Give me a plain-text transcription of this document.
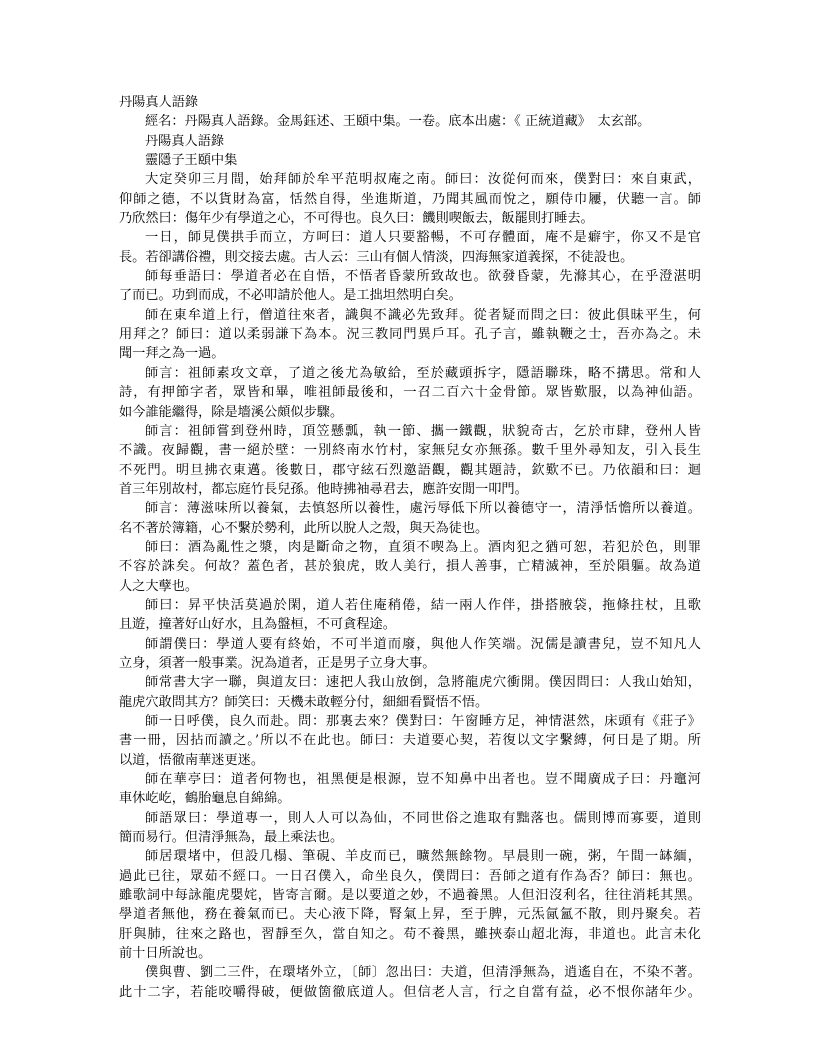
丹陽真人語錄
經名：丹陽真人語錄。金馬鈺述、王頤中集。一卷。底本出處：《 正統道藏》　太玄部。
丹陽真人語錄
靈隱子王頤中集
大定癸卯三月間，始拜師於牟平范明叔庵之南。師曰：汝從何而來，僕對曰：來自東武，
仰師之德，不以貨財為富，恬然自得，坐進斯道，乃聞其風而悅之，願侍巾屨，伏聽一言。師
乃欣然曰：傷年少有學道之心，不可得也。良久曰：饑則喫飯去，飯罷則打睡去。
一日，師見僕拱手而立，方呵曰：道人只要豁暢，不可存體面，庵不是癖宇，你又不是官
長。若卻講俗禮，則交接去處。古人云：三山有個人情淡，四海無家道義探，不徒設也。
師每垂語曰：學道者必在自悟，不悟者昏蒙所致故也。欲發昏蒙，先滌其心，在乎澄湛明
了而已。功到而成，不必叩請於他人。是工拙坦然明白矣。
師在東牟道上行，僧道往來者，識與不識必先致拜。從者疑而問之曰：彼此俱昧平生，何
用拜之？師曰：道以柔弱謙下為本。況三教同門異戶耳。孔子言，雖執鞭之士，吾亦為之。未
聞一拜之為一過。
師言：祖師素攻文章，了道之後尤為敏給，至於藏頭拆字，隱語聯珠，略不搆思。常和人
詩，有押節字者，眾皆和畢，唯祖師最後和，一召二百六十金骨節。眾皆歎服，以為神仙語。
如今誰能繼得，除是墻溪公頗似步驟。
師言：祖師嘗到登州時，頂笠懸瓢，執一節、攜一鐵觀，狀貌奇古，乞於市肆，登州人皆
不識。夜歸觀，書一絕於壁：一別終南水竹村，家無兒女亦無孫。數千里外尋知友，引入長生
不死門。明旦拂衣東邁。後數日，郡守絃石烈邀語觀，觀其題詩，欽歎不已。乃依韻和曰：迴
首三年別故村，都忘庭竹長兒孫。他時拂袖尋君去，應許安閒一叩門。
師言：薄滋味所以養氣，去慎怒所以養性，處污辱低下所以養德守一，清淨恬憺所以養道。
名不著於簿籍，心不繫於勢利，此所以脫人之殼，與天為徒也。
師曰：酒為亂性之漿，肉是斷命之物，直須不喫為上。酒肉犯之猶可恕，若犯於色，則罪
不容於誅矣。何故？蓋色者，甚於狼虎，敗人美行，損人善事，亡精滅神，至於隕軀。故為道
人之大孽也。
師曰：昇平快活莫過於閑，道人若住庵稍倦，結一兩人作伴，掛搭腋袋，拖條拄杖，且歌
且遊，撞著好山好水，且為盤桓，不可貪程途。
師謂僕曰：學道人要有終始，不可半道而廢，與他人作笑端。況儒是讀書兒，豈不知凡人
立身，須著一般事業。況為道者，正是男子立身大事。
師常書大字一聯，與道友曰：速把人我山放倒，急將龍虎穴衝開。僕因問曰：人我山始知，
龍虎穴敢問其方？師笑曰：天機未敢輕分付，細細看賢悟不悟。
師一日呼僕，良久而赴。問：那裏去來？僕對曰：午窗睡方足，神情湛然，床頭有《莊子》
書一冊，因拈而讀之。’所以不在此也。師曰：夫道要心契，若復以文字繫縛，何日是了期。所
以道，悟徹南華迷更迷。
師在華亭曰：道者何物也，祖黑便是根源，豈不知鼻中出者也。豈不聞廣成子曰：丹竈河
車休屹屹，鶴胎龜息自綿綿。
師語眾曰：學道專一，則人人可以為仙，不同世俗之進取有黜落也。儒則博而寡要，道則
簡而易行。但清淨無為，最上乘法也。
師居環堵中，但設几榻、筆硯、羊皮而已，曠然無餘物。早晨則一碗，粥，午間一缽緬，
過此已往，眾茹不經口。一日召僕入，命坐良久，僕問曰：吾師之道有作為否？師曰：無也。
雖歌詞中每詠龍虎嬰姹，皆寄言爾。是以要道之妙，不過養黑。人但汨沒利名，往往消耗其黑。
學道者無他，務在養氣而已。夫心液下降，腎氣上昇，至于脾，元炁氤氳不散，則丹聚矣。若
肝與肺，往來之路也，習靜至久，當自知之。苟不養黑，雖挾泰山超北海，非道也。此言未化
前十日所說也。
僕與曹、劉二三件，在環堵外立，〔師〕忽出曰：夫道，但清淨無為，逍遙自在，不染不著。
此十二字，若能咬嚼得破，便做箇徹底道人。但信老人言，行之自當有益，必不恨你諸年少。
